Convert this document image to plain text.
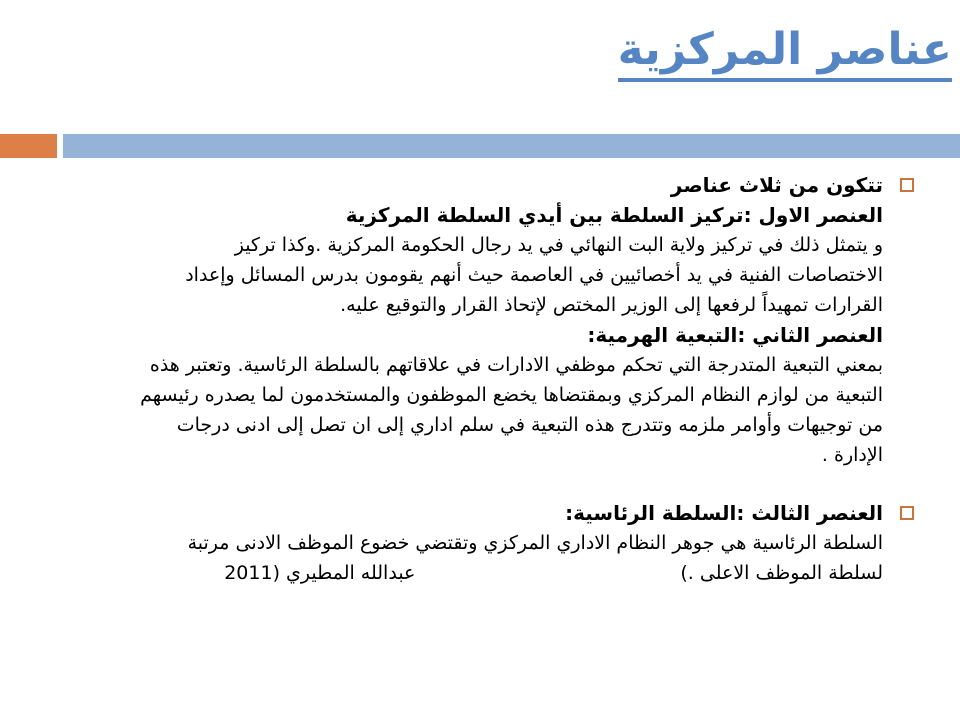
عناصر المركزية
تتكون من ثلاث عناصر
العنصر الاول :تركيز السلطة بين أيدي السلطة المركزية
و يتمثل ذلك في تركيز ولاية البت النهائي في يد رجال الحكومة المركزية .وكذا تركيز
الاختصاصات الفنية في يد أخصائيين في العاصمة حيث أنهم يقومون بدرس المسائل وإعداد
القرارات تمهيداً لرفعها إلى الوزير المختص لإتحاذ القرار والتوقيع عليه.
العنصر الثاني :التبعية الهرمية:
بمعني التبعية المتدرجة التي تحكم موظفي الادارات في علاقاتهم بالسلطة الرئاسية. وتعتبر هذه
التبعية من لوازم النظام المركزي وبمقتضاها يخضع الموظفون والمستخدمون لما يصدره رئيسهم
من توجيهات وأوامر ملزمه وتتدرج هذه التبعية في سلم اداري إلى ان تصل إلى ادنى درجات
الإدارة .
العنصر الثالث :السلطة الرئاسية:
السلطة الرئاسية هي جوهر النظام الاداري المركزي وتقتضي خضوع الموظف الادنى مرتبة
لسلطة الموظف الاعلى .)
عبدالله المطيري (2011
